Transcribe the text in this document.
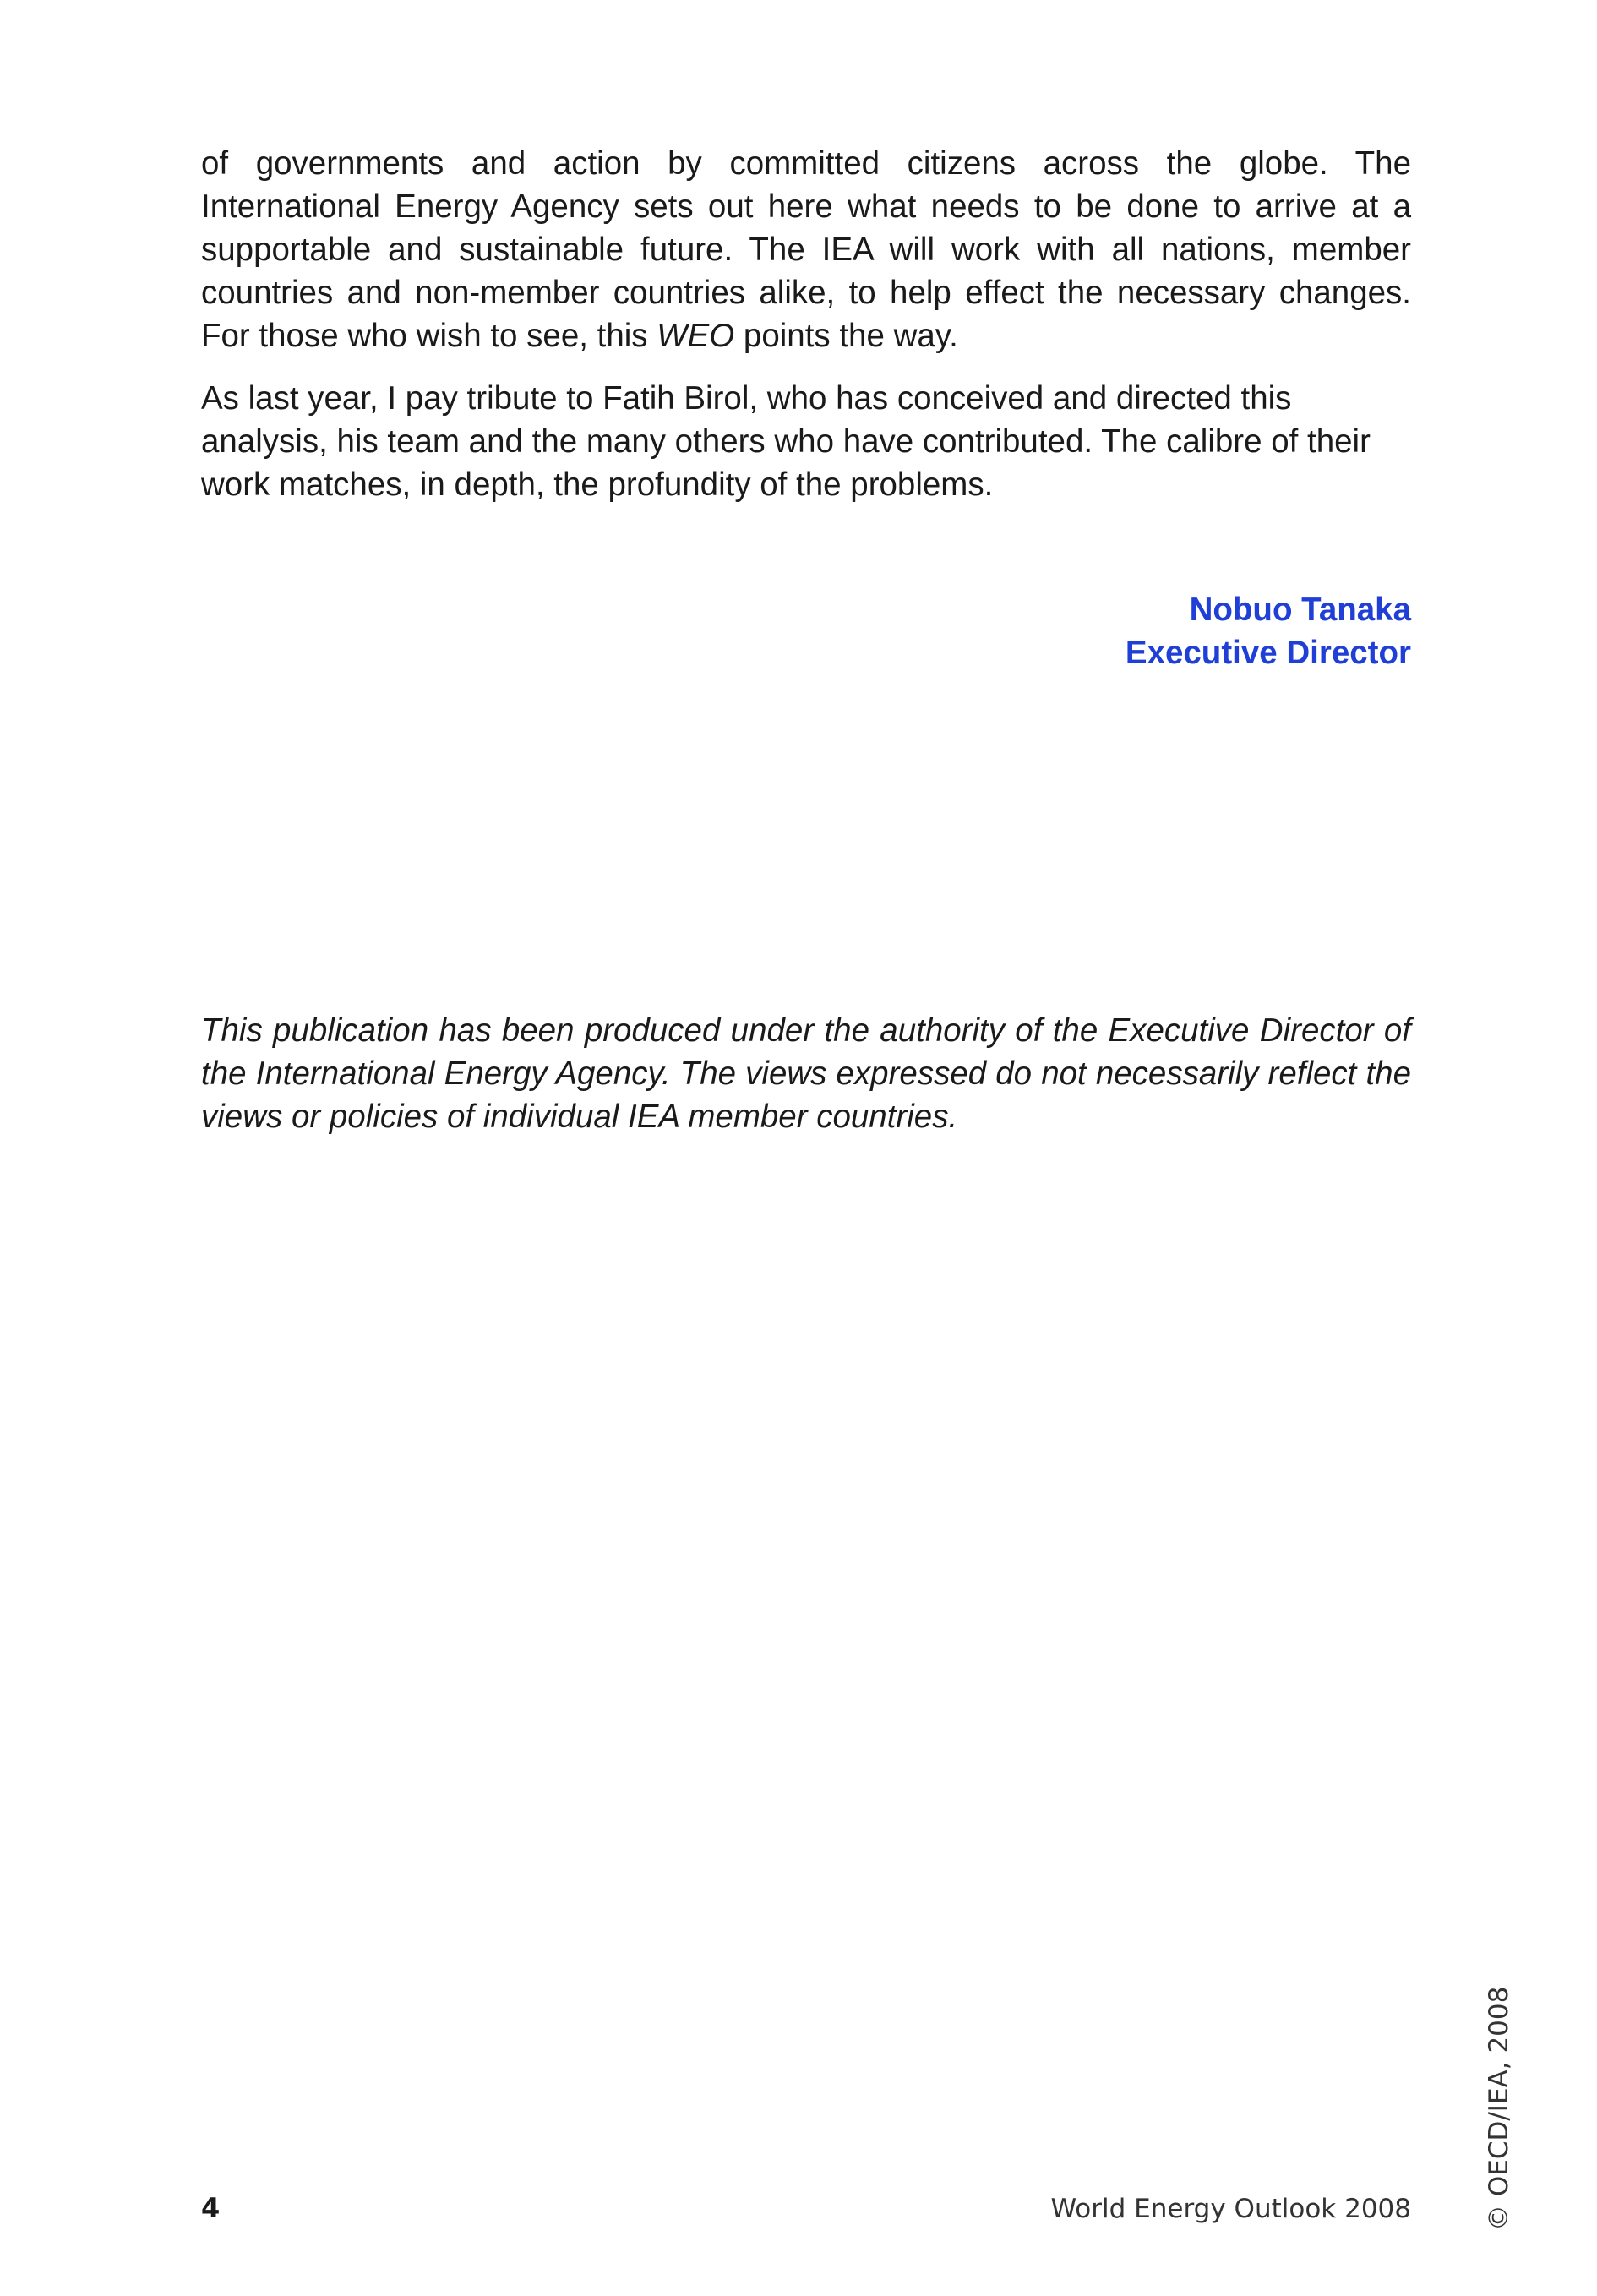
of governments and action by committed citizens across the globe. The International Energy Agency sets out here what needs to be done to arrive at a supportable and sustainable future. The IEA will work with all nations, member countries and non-member countries alike, to help effect the necessary changes. For those who wish to see, this WEO points the way.

As last year, I pay tribute to Fatih Birol, who has conceived and directed this analysis, his team and the many others who have contributed. The calibre of their work matches, in depth, the profundity of the problems.

Nobuo Tanaka
Executive Director

This publication has been produced under the authority of the Executive Director of the International Energy Agency. The views expressed do not necessarily reflect the views or policies of individual IEA member countries.

4	World Energy Outlook 2008	© OECD/IEA, 2008
